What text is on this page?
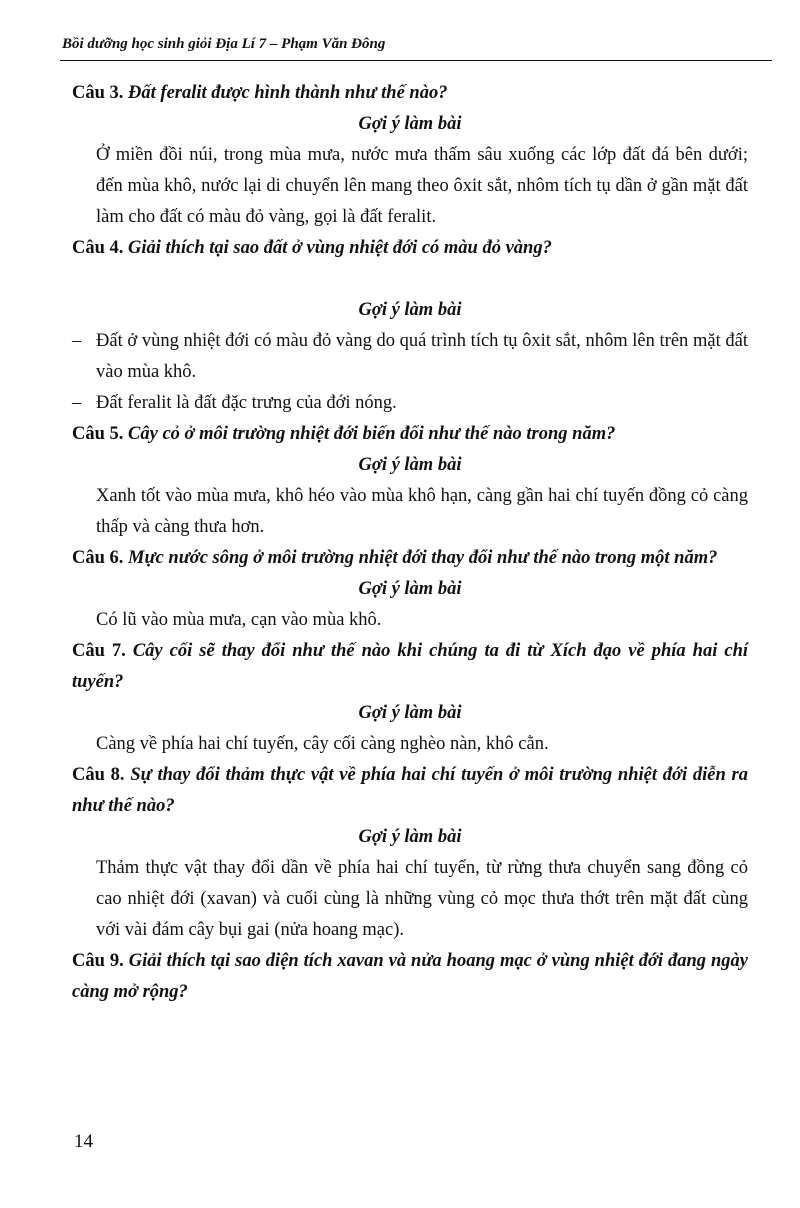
Bồi dưỡng học sinh giỏi Địa Lí 7 – Phạm Văn Đông

Câu 3. Đất feralit được hình thành như thế nào?

Gợi ý làm bài

Ở miền đồi núi, trong mùa mưa, nước mưa thấm sâu xuống các lớp đất đá bên dưới; đến mùa khô, nước lại di chuyển lên mang theo ôxit sắt, nhôm tích tụ dần ở gần mặt đất làm cho đất có màu đỏ vàng, gọi là đất feralit.

Câu 4. Giải thích tại sao đất ở vùng nhiệt đới có màu đỏ vàng?

Gợi ý làm bài

– Đất ở vùng nhiệt đới có màu đỏ vàng do quá trình tích tụ ôxit sắt, nhôm lên trên mặt đất vào mùa khô.
– Đất feralit là đất đặc trưng của đới nóng.

Câu 5. Cây cỏ ở môi trường nhiệt đới biến đổi như thế nào trong năm?

Gợi ý làm bài

Xanh tốt vào mùa mưa, khô héo vào mùa khô hạn, càng gần hai chí tuyến đồng cỏ càng thấp và càng thưa hơn.

Câu 6. Mực nước sông ở môi trường nhiệt đới thay đổi như thế nào trong một năm?

Gợi ý làm bài

Có lũ vào mùa mưa, cạn vào mùa khô.

Câu 7. Cây cối sẽ thay đổi như thế nào khi chúng ta đi từ Xích đạo về phía hai chí tuyến?

Gợi ý làm bài

Càng về phía hai chí tuyến, cây cối càng nghèo nàn, khô cằn.

Câu 8. Sự thay đổi thảm thực vật về phía hai chí tuyến ở môi trường nhiệt đới diễn ra như thế nào?

Gợi ý làm bài

Thảm thực vật thay đổi dần về phía hai chí tuyến, từ rừng thưa chuyển sang đồng cỏ cao nhiệt đới (xavan) và cuối cùng là những vùng cỏ mọc thưa thớt trên mặt đất cùng với vài đám cây bụi gai (nửa hoang mạc).

Câu 9. Giải thích tại sao diện tích xavan và nửa hoang mạc ở vùng nhiệt đới đang ngày càng mở rộng?

14
